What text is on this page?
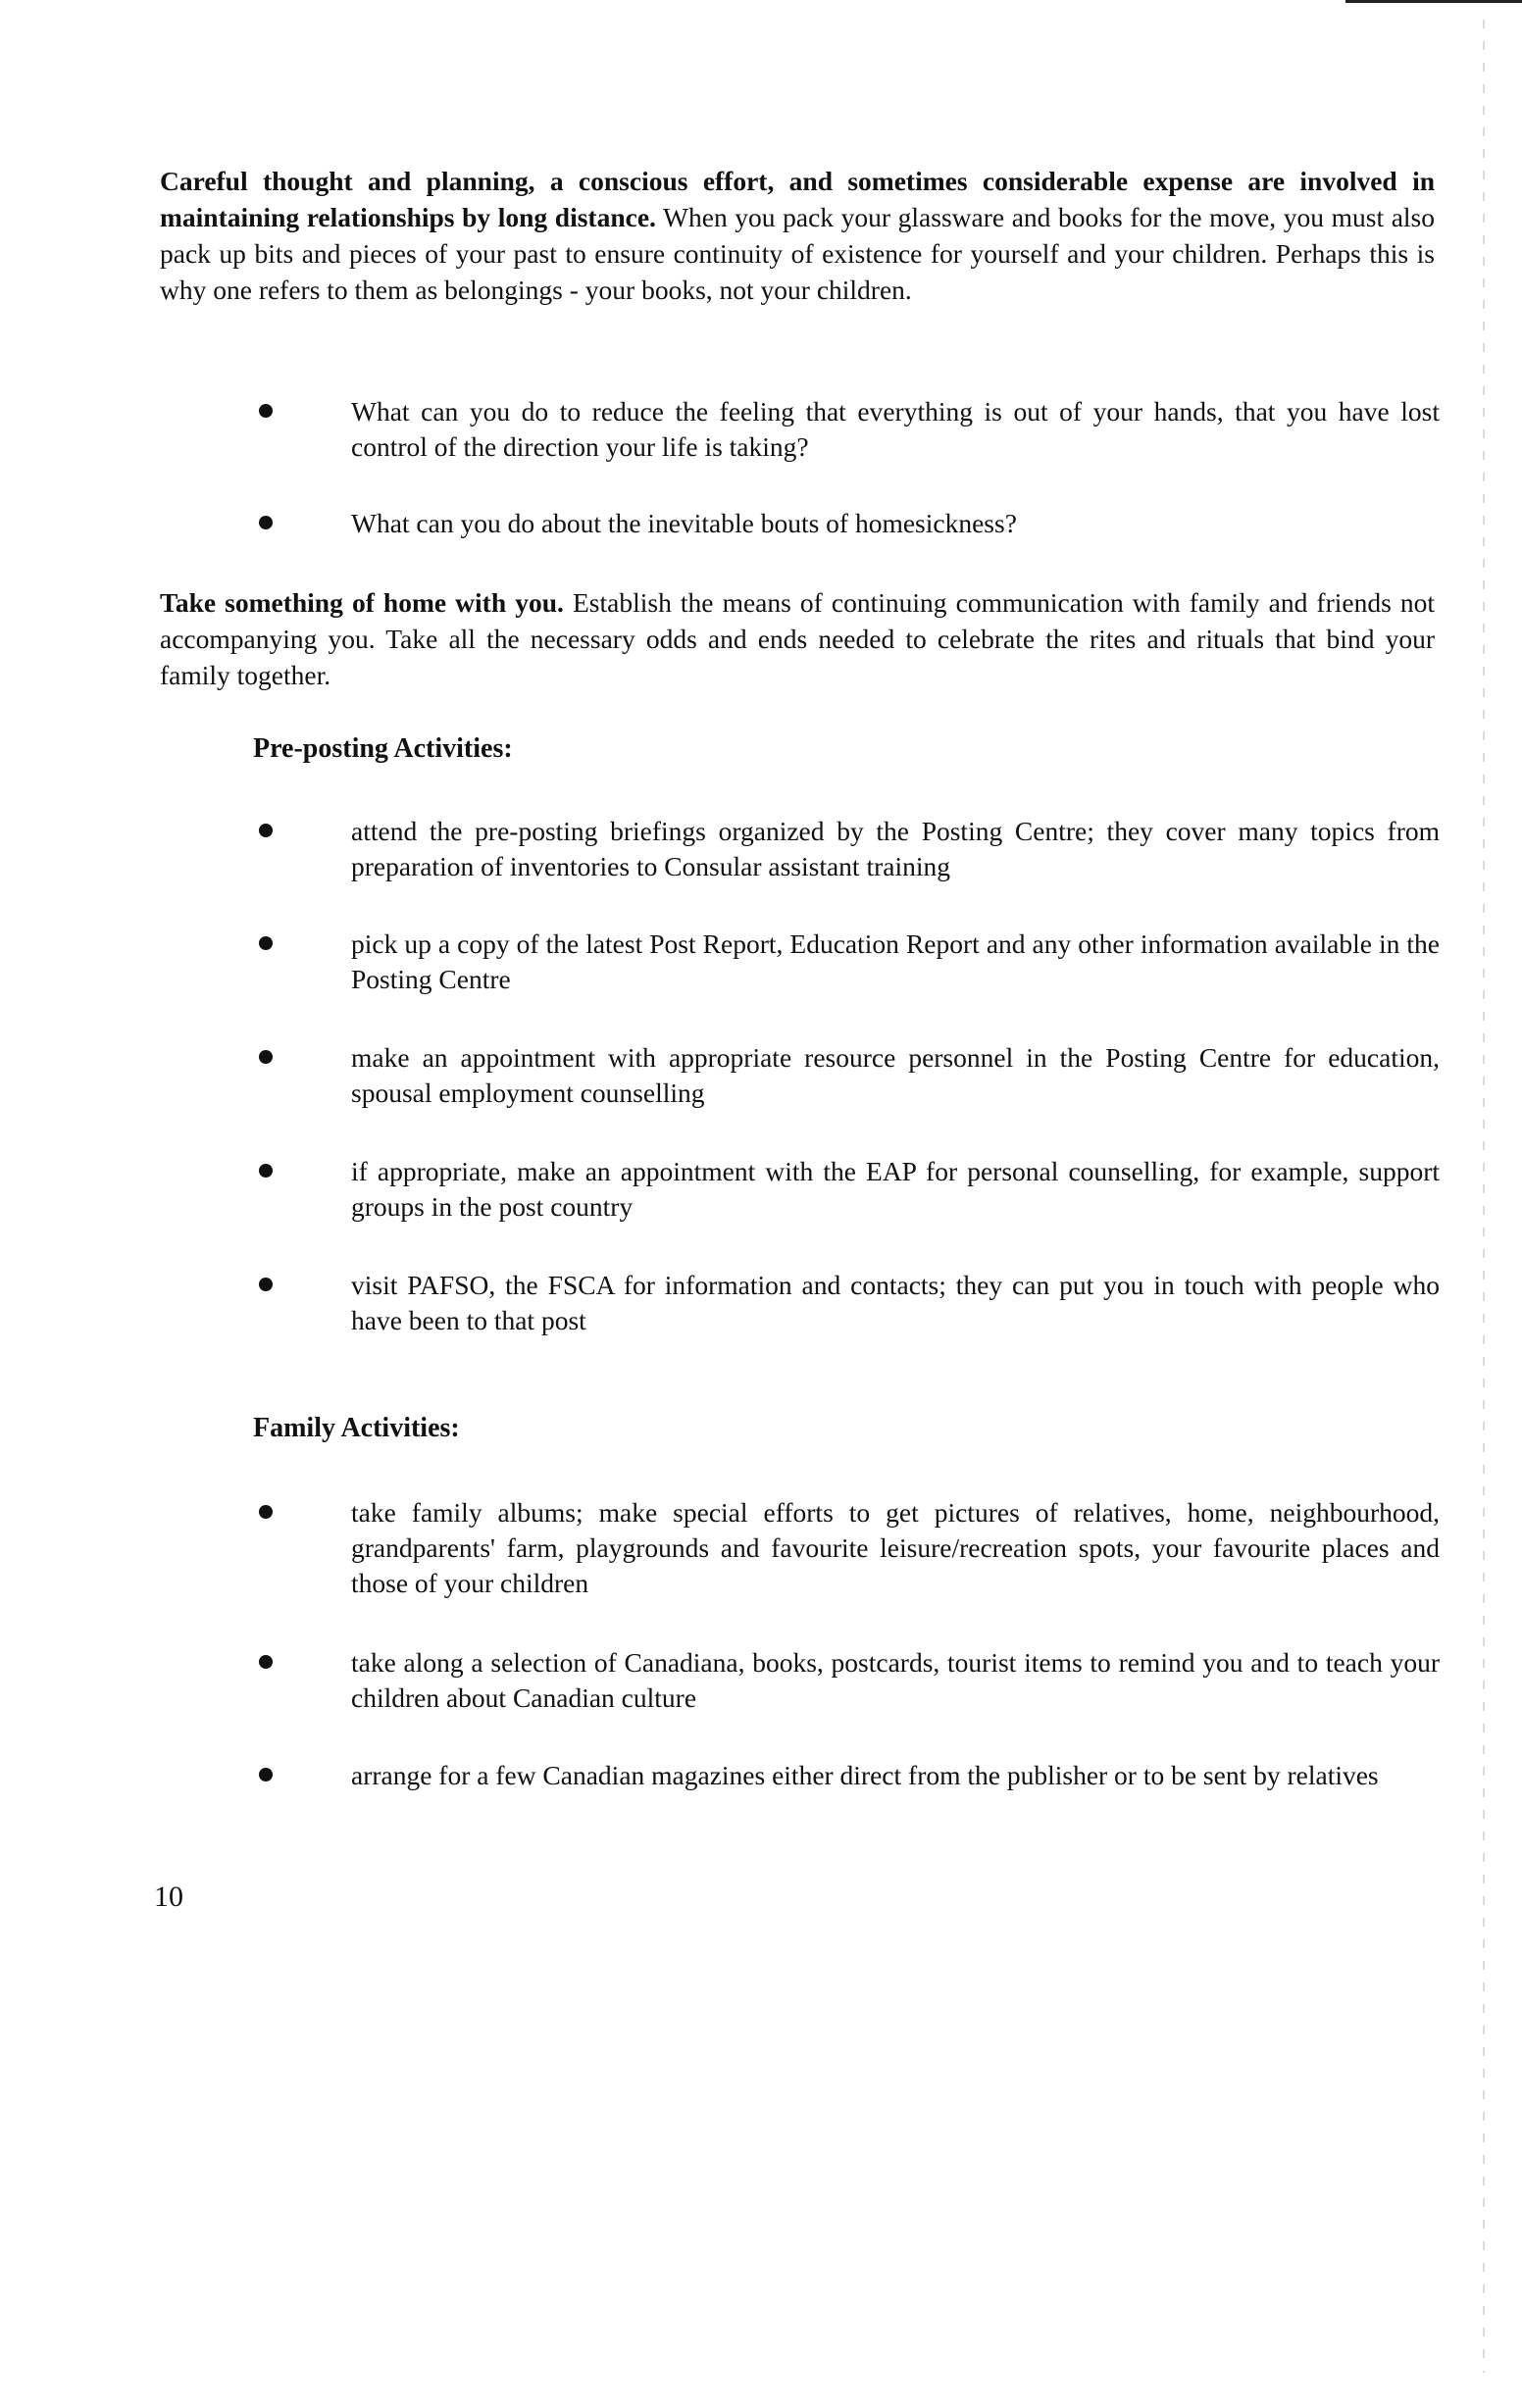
Careful thought and planning, a conscious effort, and sometimes considerable expense are involved in maintaining relationships by long distance. When you pack your glassware and books for the move, you must also pack up bits and pieces of your past to ensure continuity of existence for yourself and your children. Perhaps this is why one refers to them as belongings - your books, not your children.

What can you do to reduce the feeling that everything is out of your hands, that you have lost control of the direction your life is taking?
What can you do about the inevitable bouts of homesickness?

Take something of home with you. Establish the means of continuing communication with family and friends not accompanying you. Take all the necessary odds and ends needed to celebrate the rites and rituals that bind your family together.

Pre-posting Activities:

attend the pre-posting briefings organized by the Posting Centre; they cover many topics from preparation of inventories to Consular assistant training
pick up a copy of the latest Post Report, Education Report and any other information available in the Posting Centre
make an appointment with appropriate resource personnel in the Posting Centre for education, spousal employment counselling
if appropriate, make an appointment with the EAP for personal counselling, for example, support groups in the post country
visit PAFSO, the FSCA for information and contacts; they can put you in touch with people who have been to that post

Family Activities:

take family albums; make special efforts to get pictures of relatives, home, neighbourhood, grandparents' farm, playgrounds and favourite leisure/recreation spots, your favourite places and those of your children
take along a selection of Canadiana, books, postcards, tourist items to remind you and to teach your children about Canadian culture
arrange for a few Canadian magazines either direct from the publisher or to be sent by relatives
10
